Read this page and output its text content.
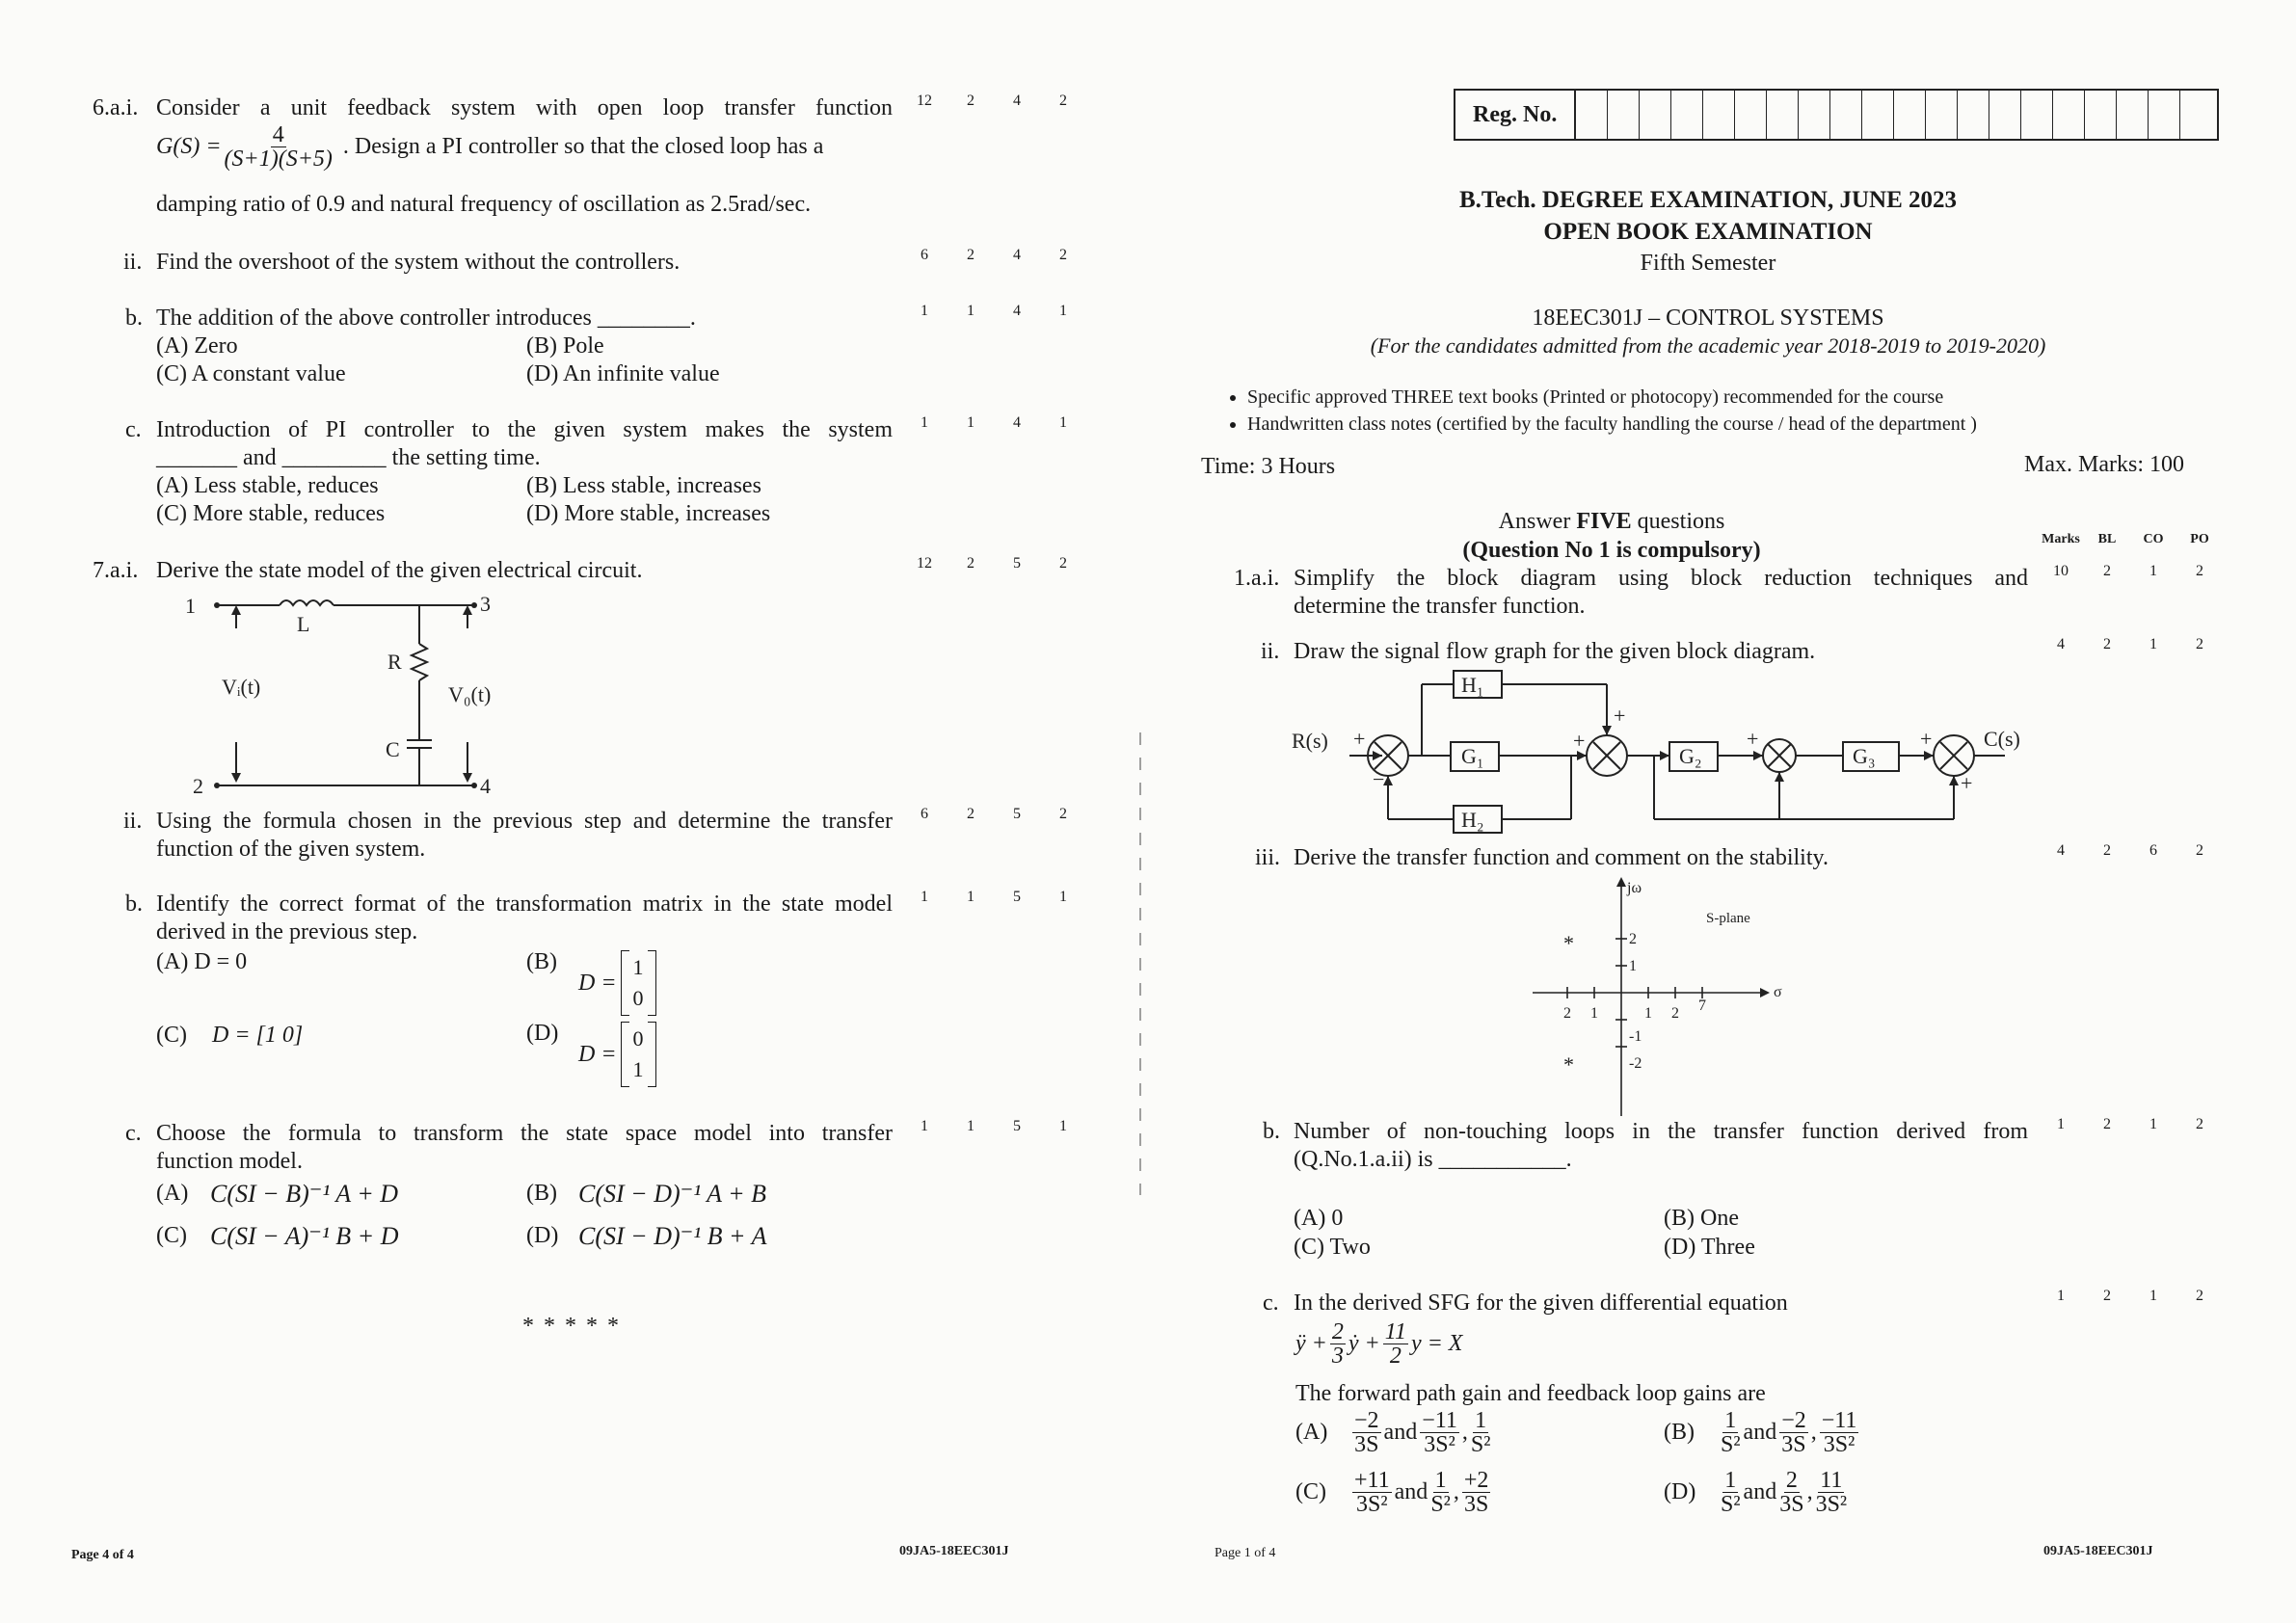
6.a.i. Consider a unit feedback system with open loop transfer function
$G(S) = \frac{4}{(S+1)(S+5)}$ . Design a PI controller so that the closed loop has a
damping ratio of 0.9 and natural frequency of oscillation as 2.5rad/sec.
12 2	4	2
ii. Find the overshoot of the system without the controllers.	6	2	4	2
b. The addition of the above controller introduces ________.
(A) Zero	(B) Pole
(C) A constant value	(D) An infinite value
1	1	4	1
c. Introduction of PI controller to the given system makes the system
_______ and _________ the setting time.
(A) Less stable, reduces	(B) Less stable, increases
(C) More stable, reduces	(D) More stable, increases
1	1	4	1
7.a.i. Derive the state model of the given electrical circuit.	12 2	5	2
1
2
3
4
L
R
C
Vᵢ(t)	V₀(t)
ii. Using the formula chosen in the previous step and determine the transfer
function of the given system.
6	2	5	2
b. Identify the correct format of the transformation matrix in the state model
derived in the previous step.
1	1	5	1
(A) D = 0	(B)
D =
1
0
(C) D = [1 0]	(D)
D =
0
1
c. Choose the formula to transform the state space model into transfer
function model.
1	1	5	1
(A) C(SI − B)⁻¹ A + D	(B) C(SI − D)⁻¹ A + B
(C) C(SI − A)⁻¹ B + D	(D) C(SI − D)⁻¹ B + A
* * * * *
Page 4 of 4	09JA5-18EEC301J
Reg. No.
B.Tech. DEGREE EXAMINATION, JUNE 2023
OPEN BOOK EXAMINATION
Fifth Semester
18EEC301J – CONTROL SYSTEMS
(For the candidates admitted from the academic year 2018-2019 to 2019-2020)
• Specific approved THREE text books (Printed or photocopy) recommended for the course
• Handwritten class notes (certified by the faculty handling the course / head of the department )
Time: 3 Hours	Max. Marks: 100
Answer FIVE questions
(Question No 1 is compulsory)	Marks BL CO PO
1.a.i. Simplify the block diagram using block reduction techniques and
determine the transfer function.
10 2	1	2
ii. Draw the signal flow graph for the given block diagram.	4	2	1	2
R(s) +
−
G₁
H₁
H₂
+
+
G₂
+
G₃
+
+
C(s)
iii. Derive the transfer function and comment on the stability.	4	2	6	2
jω
S-plane
σ
2
1
-1
-2
2 1	1 2 7
*
*
b. Number of non-touching loops in the transfer function derived from
(Q.No.1.a.ii) is ___________.
1	2	1	2
(A) 0	(B) One
(C) Two	(D) Three
c. In the derived SFG for the given differential equation	1	2	1	2
ÿ + $\frac{2}{3}$ ẏ + $\frac{11}{2}$ y = X
The forward path gain and feedback loop gains are
(A)	$\frac{-2}{3S}$ and $\frac{-11}{\text{3S²}}$ , $\frac{1}{\text{S²}}$	(B)	$\frac{1}{\text{S²}}$ and $\frac{-2}{3S}$ , $\frac{-11}{\text{3S²}}$
(C)	$\frac{+11}{\text{3S²}}$ and $\frac{1}{\text{S²}}$ , $\frac{+2}{3S}$	(D)	$\frac{1}{\text{S²}}$ and $\frac{2}{3S}$ , $\frac{11}{\text{3S²}}$
Page 1 of 4	09JA5-18EEC301J
